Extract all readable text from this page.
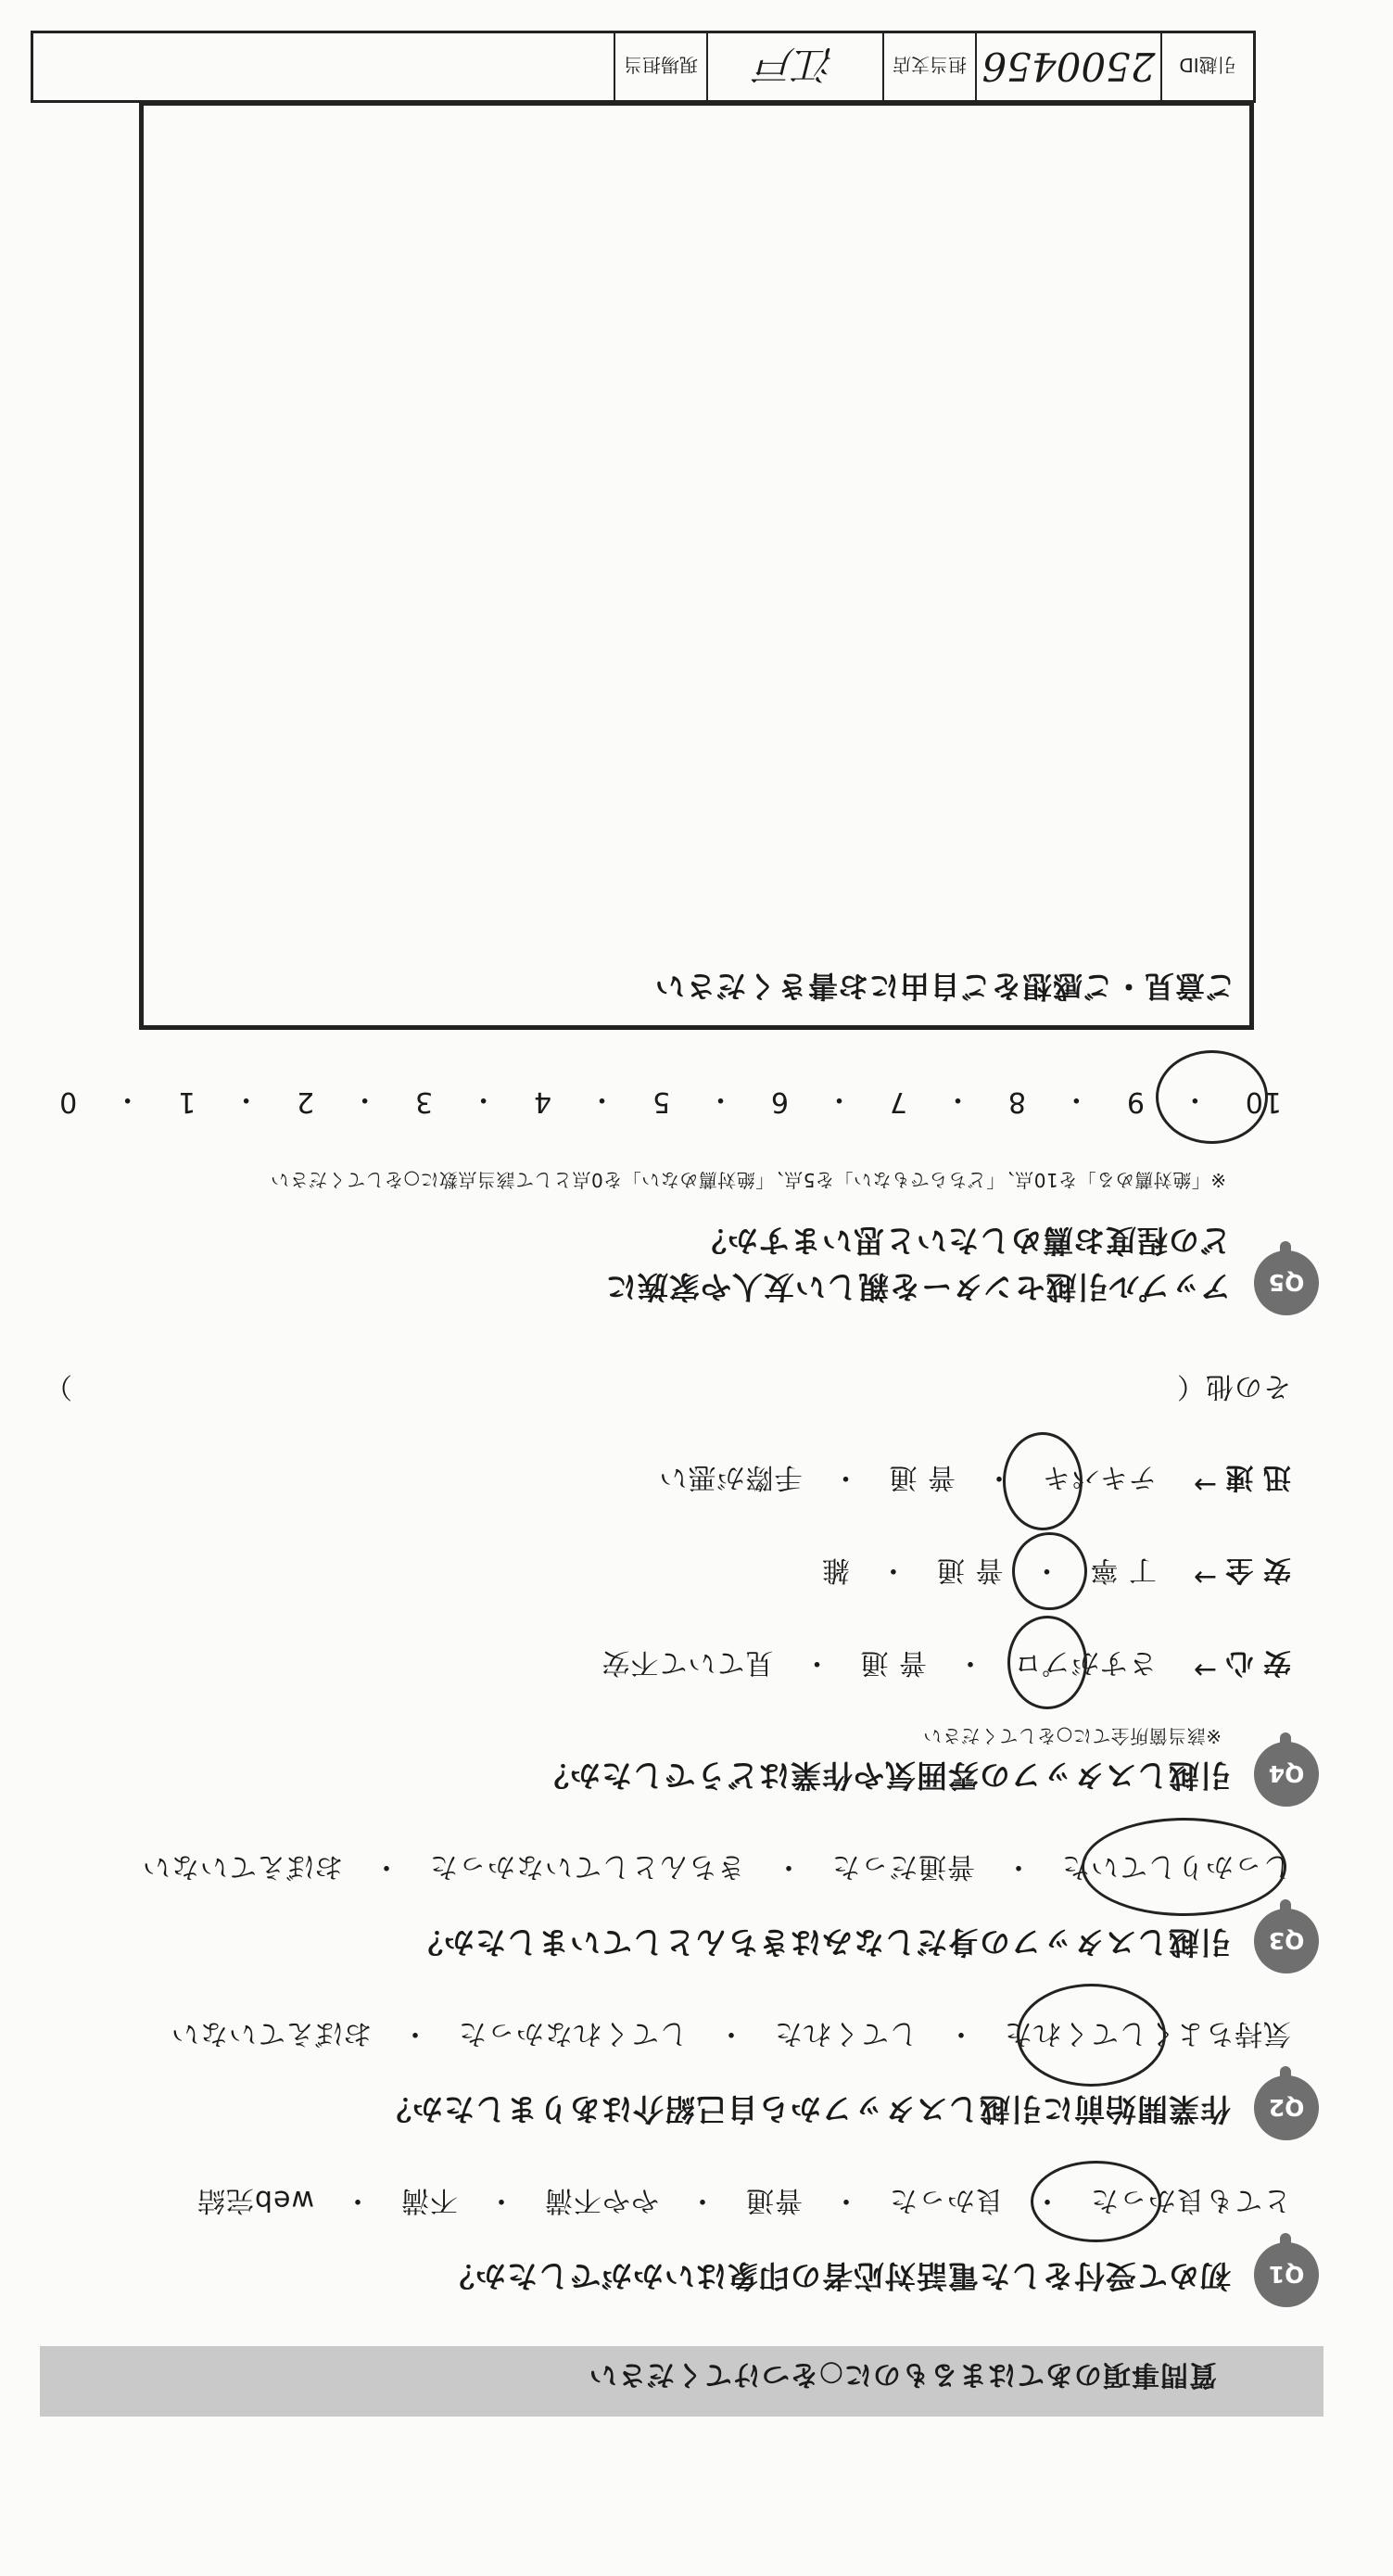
質問事項のあてはまるものに○をつけてください
Q1
初めて受付をした電話対応者の印象はいかがでしたか？
とても良かった　・　良かった　・　普通　・　やや不満　・　不満　・　web完結
Q2
作業開始前に引越しスタッフから自己紹介はありましたか？
気持ちよくしてくれた　・　してくれた　・　してくれなかった　・　おぼえていない
Q3
引越しスタッフの身だしなみはきちんとしていましたか？
しっかりしていた　・　普通だった　・　きちんとしていなかった　・　おぼえていない
Q4
引越しスタッフの雰囲気や作業はどうでしたか？
※該当箇所全てに○をしてください
安 心
→
さすがプロ　・　普 通　・　見ていて不安
安 全
→
丁 寧　・　普 通　・　雑
迅 速
→
テキパキ　・　普 通　・　手際が悪い
その他（
）
Q5
アップル引越センターを親しい友人や家族に
どの程度お薦めしたいと思いますか？
※「絶対薦める」を10点、「どちらでもない」を5点、「絶対薦めない」を0点として該当点数に○をしてください
10
・
9
・
8
・
7
・
6
・
5
・
4
・
3
・
2
・
1
・
0
ご意見・ご感想をご自由にお書きください
引越ID
2500456
担当支店
江戸
現場担当
